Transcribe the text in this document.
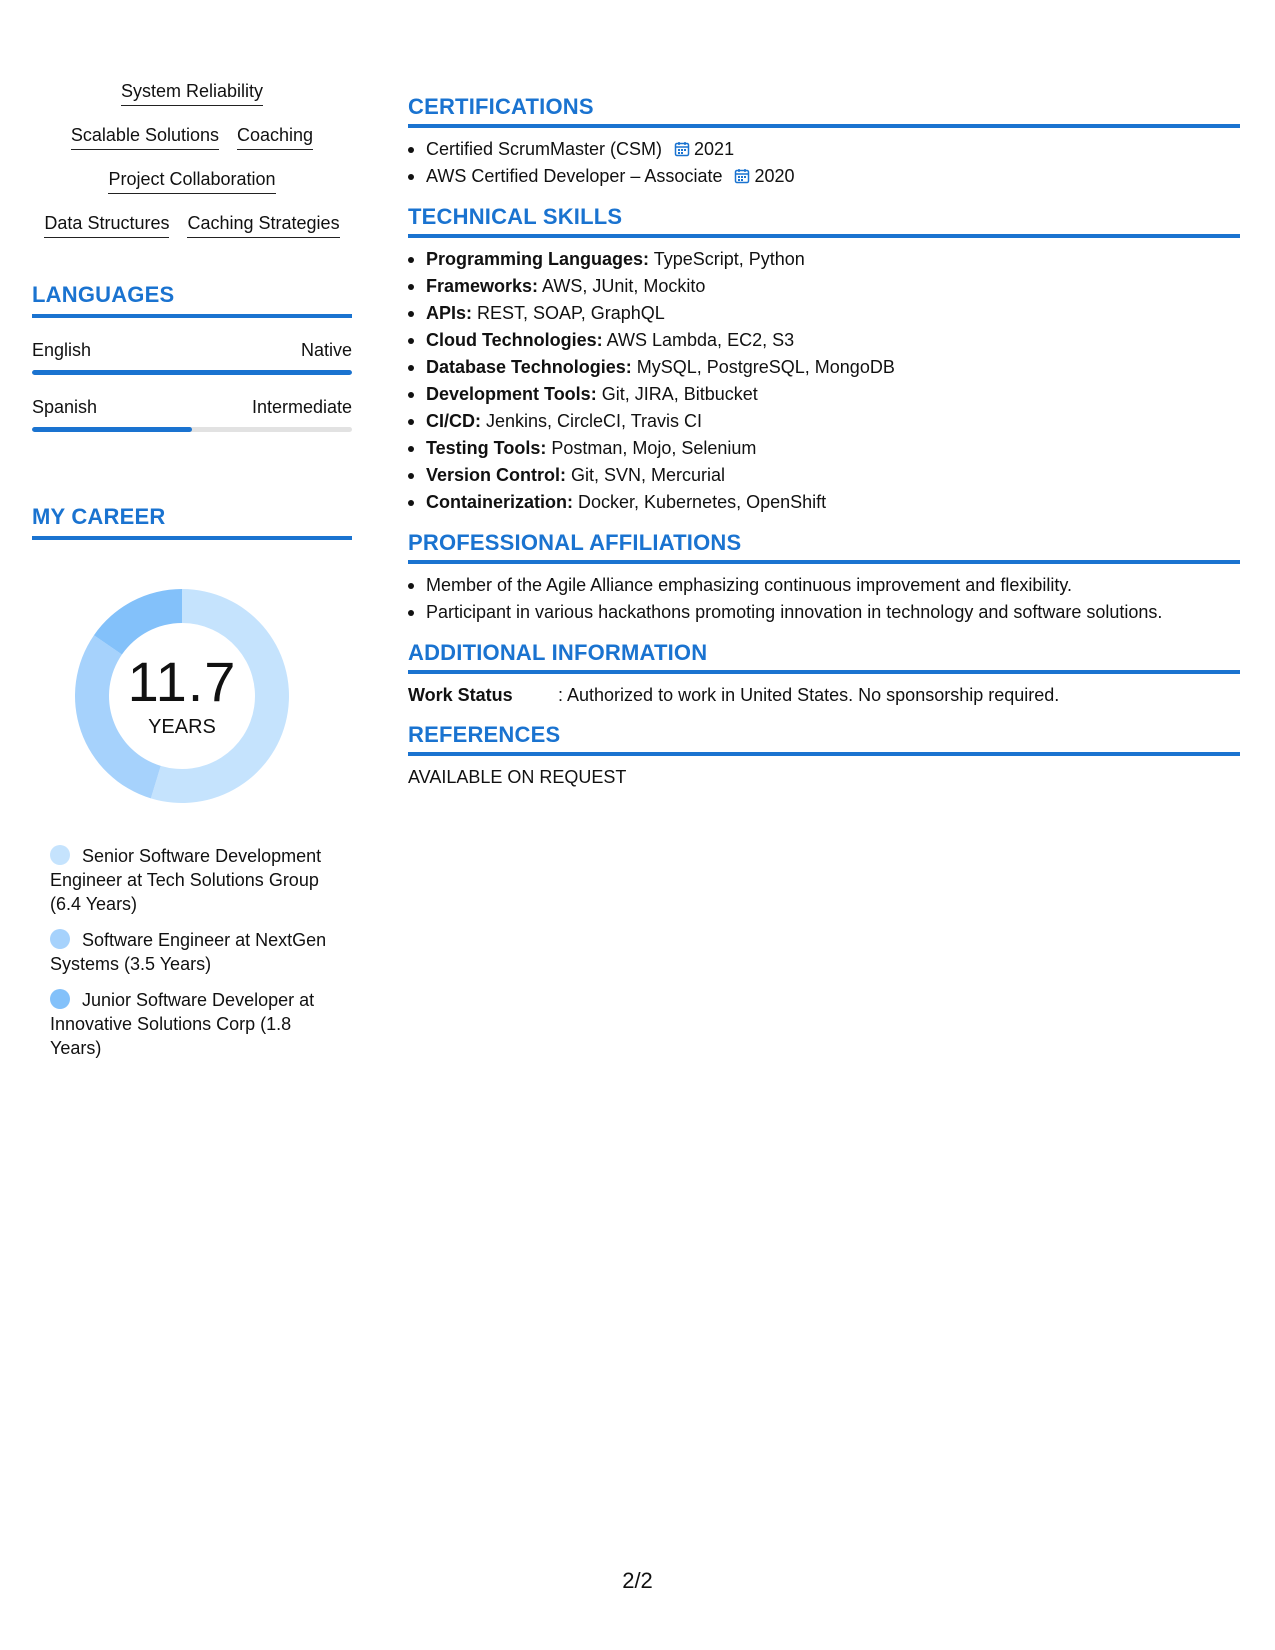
System Reliability
Scalable Solutions Coaching
Project Collaboration
Data Structures Caching Strategies
LANGUAGES
English	Native
Spanish	Intermediate
MY CAREER
11.7
YEARS
Senior Software Development Engineer at Tech Solutions Group (6.4 Years)
Software Engineer at NextGen Systems (3.5 Years)
Junior Software Developer at Innovative Solutions Corp (1.8 Years)
CERTIFICATIONS
Certified ScrumMaster (CSM) 2021
AWS Certified Developer – Associate 2020
TECHNICAL SKILLS
Programming Languages: TypeScript, Python
Frameworks: AWS, JUnit, Mockito
APIs: REST, SOAP, GraphQL
Cloud Technologies: AWS Lambda, EC2, S3
Database Technologies: MySQL, PostgreSQL, MongoDB
Development Tools: Git, JIRA, Bitbucket
CI/CD: Jenkins, CircleCI, Travis CI
Testing Tools: Postman, Mojo, Selenium
Version Control: Git, SVN, Mercurial
Containerization: Docker, Kubernetes, OpenShift
PROFESSIONAL AFFILIATIONS
Member of the Agile Alliance emphasizing continuous improvement and flexibility.
Participant in various hackathons promoting innovation in technology and software solutions.
ADDITIONAL INFORMATION
Work Status	: Authorized to work in United States. No sponsorship required.
REFERENCES
AVAILABLE ON REQUEST
2/2
